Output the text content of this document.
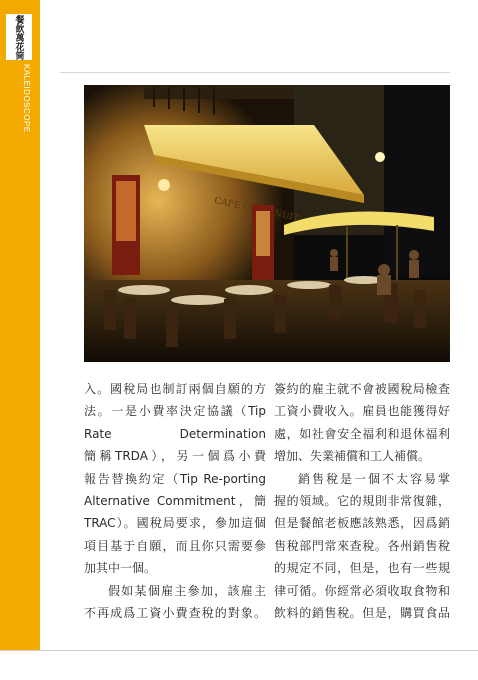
餐飲萬花筒
KALEIDOSCOPE
CAFE DE NUIT
入。國稅局也制訂兩個自願的方
法。一是小費率決定協議（Tip
Rate Determination
簡稱TRDA），另一個爲小費
報告替換約定（Tip Re-porting
Alternative Commitment，簡
TRAC）。國稅局要求，參加這個
項目基于自願，而且你只需要參
加其中一個。
假如某個雇主參加，該雇主
不再成爲工資小費查稅的對象。
簽約的雇主就不會被國稅局檢查
工資小費收入。雇員也能獲得好
處，如社會安全福利和退休福利
增加、失業補償和工人補償。
銷售稅是一個不太容易掌
握的領域。它的規則非常復雜，
但是餐館老板應該熟悉，因爲銷
售稅部門常來查稅。各州銷售稅
的規定不同，但是，也有一些規
律可循。你經常必須收取食物和
飲料的銷售稅。但是，購買食品
